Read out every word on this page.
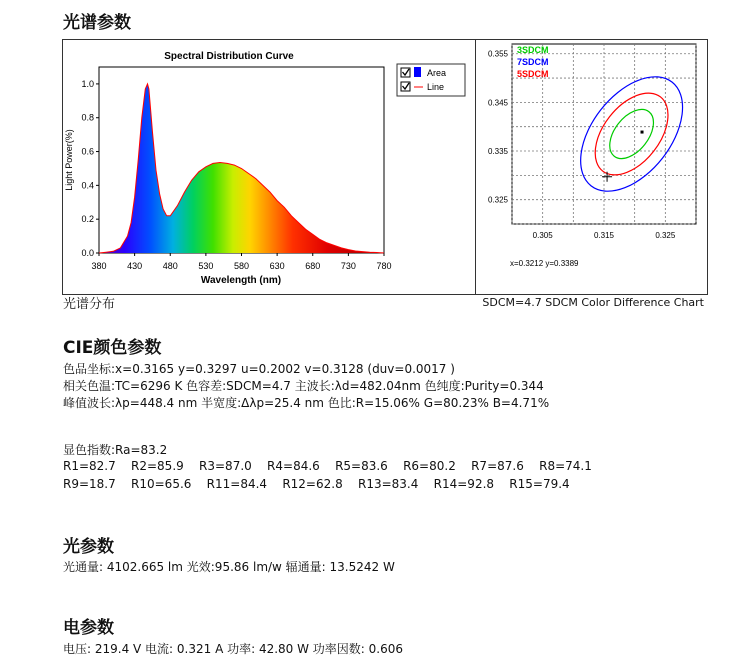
光谱参数
Spectral Distribution Curve
0.0
0.2
0.4
0.6
0.8
1.0
380 430 480 530 580 630 680 730 780
Wavelength (nm)
Light Power(%)
Area
Line
3SDCM
7SDCM
5SDCM
0.325
0.335
0.345
0.355
0.305	0.315	0.325
x=0.3212 y=0.3389
光谱分布	SDCM=4.7 SDCM Color Difference Chart
CIE颜色参数
色品坐标:x=0.3165 y=0.3297 u=0.2002 v=0.3128 (duv=0.0017 )
相关色温:TC=6296 K 色容差:SDCM=4.7 主波长:λd=482.04nm 色纯度:Purity=0.344
峰值波长:λp=448.4 nm 半宽度:Δλp=25.4 nm 色比:R=15.06% G=80.23% B=4.71%
显色指数:Ra=83.2
R1=82.7 R2=85.9 R3=87.0 R4=84.6 R5=83.6 R6=80.2 R7=87.6 R8=74.1
R9=18.7 R10=65.6 R11=84.4 R12=62.8 R13=83.4 R14=92.8 R15=79.4
光参数
光通量: 4102.665 lm 光效:95.86 lm/w 辐通量: 13.5242 W
电参数
电压: 219.4 V 电流: 0.321 A 功率: 42.80 W 功率因数: 0.606
